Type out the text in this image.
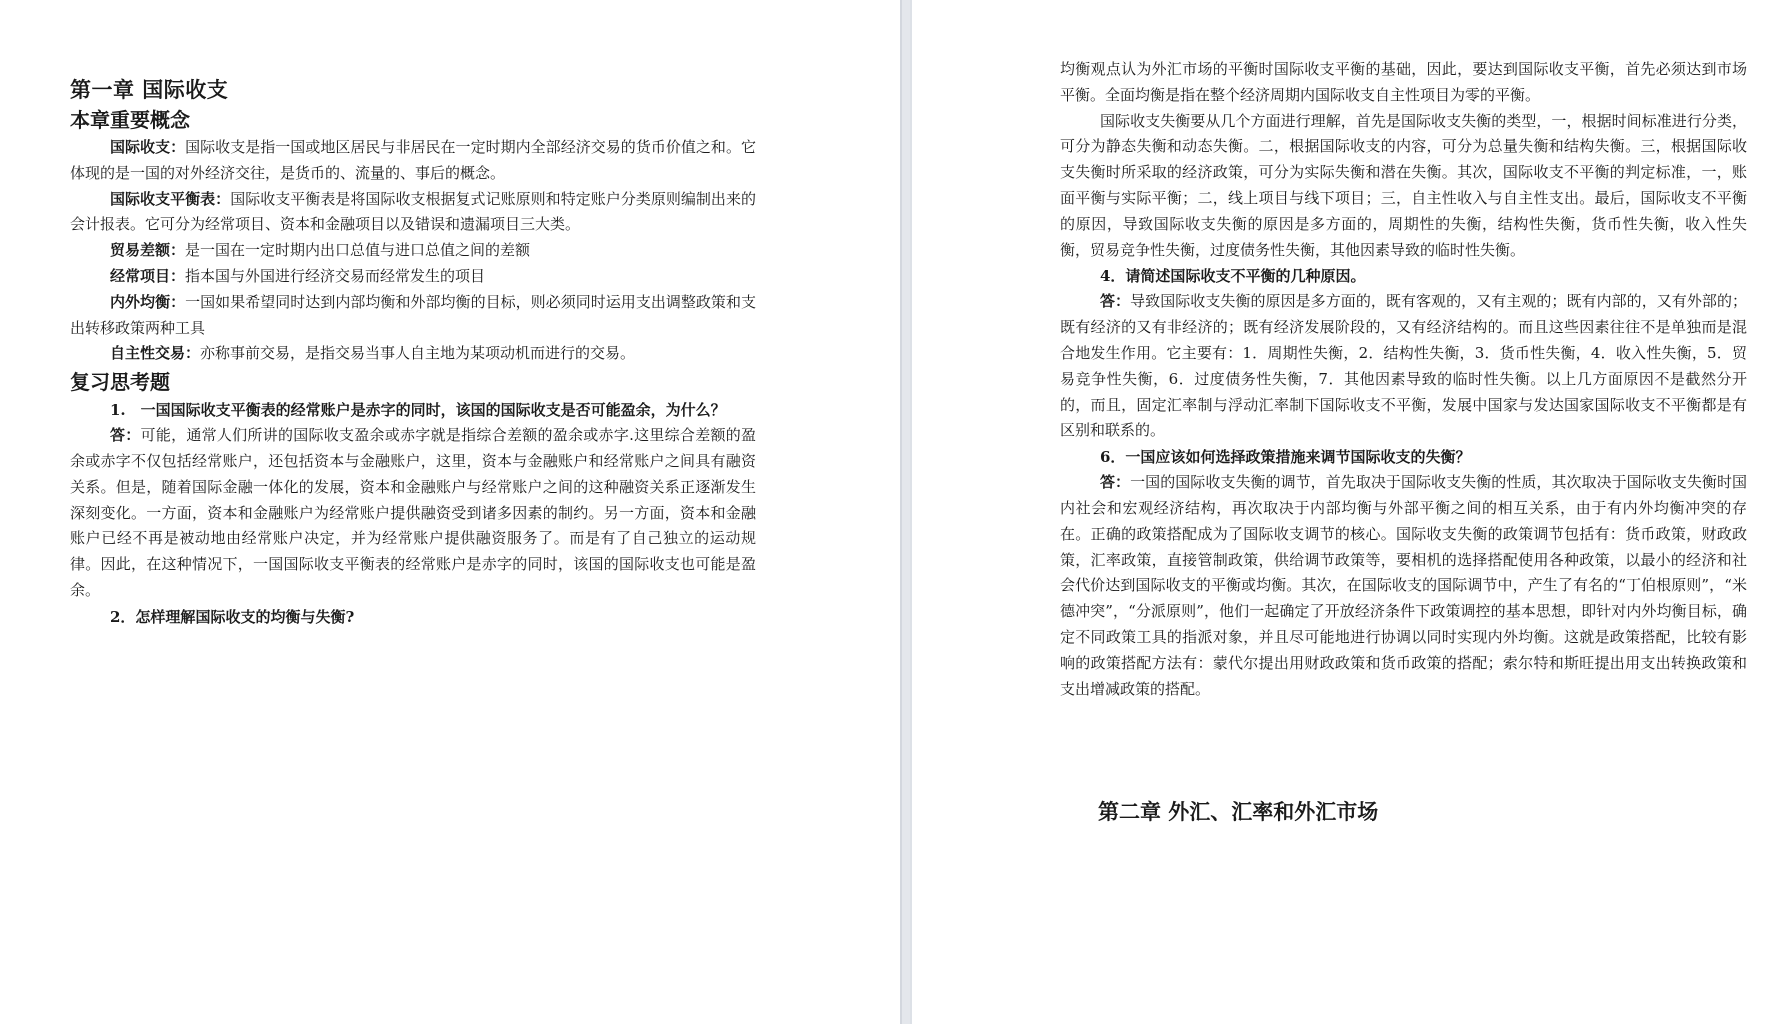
第一章 国际收支
本章重要概念

国际收支：国际收支是指一国或地区居民与非居民在一定时期内全部经济交易的货币价值之和。它体现的是一国的对外经济交往，是货币的、流量的、事后的概念。

国际收支平衡表：国际收支平衡表是将国际收支根据复式记账原则和特定账户分类原则编制出来的会计报表。它可分为经常项目、资本和金融项目以及错误和遗漏项目三大类。

贸易差额：是一国在一定时期内出口总值与进口总值之间的差额

经常项目：指本国与外国进行经济交易而经常发生的项目

内外均衡：一国如果希望同时达到内部均衡和外部均衡的目标，则必须同时运用支出调整政策和支出转移政策两种工具

自主性交易：亦称事前交易，是指交易当事人自主地为某项动机而进行的交易。

复习思考题

1.　一国国际收支平衡表的经常账户是赤字的同时，该国的国际收支是否可能盈余，为什么？

答：可能，通常人们所讲的国际收支盈余或赤字就是指综合差额的盈余或赤字.这里综合差额的盈余或赤字不仅包括经常账户，还包括资本与金融账户，这里，资本与金融账户和经常账户之间具有融资关系。但是，随着国际金融一体化的发展，资本和金融账户与经常账户之间的这种融资关系正逐渐发生深刻变化。一方面，资本和金融账户为经常账户提供融资受到诸多因素的制约。另一方面，资本和金融账户已经不再是被动地由经常账户决定，并为经常账户提供融资服务了。而是有了自己独立的运动规律。因此，在这种情况下，一国国际收支平衡表的经常账户是赤字的同时，该国的国际收支也可能是盈余。

2．怎样理解国际收支的均衡与失衡?

均衡观点认为外汇市场的平衡时国际收支平衡的基础，因此，要达到国际收支平衡，首先必须达到市场平衡。全面均衡是指在整个经济周期内国际收支自主性项目为零的平衡。

国际收支失衡要从几个方面进行理解，首先是国际收支失衡的类型，一，根据时间标准进行分类，可分为静态失衡和动态失衡。二，根据国际收支的内容，可分为总量失衡和结构失衡。三，根据国际收支失衡时所采取的经济政策，可分为实际失衡和潜在失衡。其次，国际收支不平衡的判定标准，一，账面平衡与实际平衡；二，线上项目与线下项目；三，自主性收入与自主性支出。最后，国际收支不平衡的原因，导致国际收支失衡的原因是多方面的，周期性的失衡，结构性失衡，货币性失衡，收入性失衡，贸易竞争性失衡，过度债务性失衡，其他因素导致的临时性失衡。

4．请简述国际收支不平衡的几种原因。

答：导致国际收支失衡的原因是多方面的，既有客观的，又有主观的；既有内部的，又有外部的；既有经济的又有非经济的；既有经济发展阶段的，又有经济结构的。而且这些因素往往不是单独而是混合地发生作用。它主要有：1．周期性失衡，2．结构性失衡，3．货币性失衡，4．收入性失衡，5．贸易竞争性失衡，6．过度债务性失衡，7．其他因素导致的临时性失衡。以上几方面原因不是截然分开的，而且，固定汇率制与浮动汇率制下国际收支不平衡，发展中国家与发达国家国际收支不平衡都是有区别和联系的。

6．一国应该如何选择政策措施来调节国际收支的失衡？

答：一国的国际收支失衡的调节，首先取决于国际收支失衡的性质，其次取决于国际收支失衡时国内社会和宏观经济结构，再次取决于内部均衡与外部平衡之间的相互关系，由于有内外均衡冲突的存在。正确的政策搭配成为了国际收支调节的核心。国际收支失衡的政策调节包括有：货币政策，财政政策，汇率政策，直接管制政策，供给调节政策等，要相机的选择搭配使用各种政策，以最小的经济和社会代价达到国际收支的平衡或均衡。其次，在国际收支的国际调节中，产生了有名的“丁伯根原则”，“米德冲突”，“分派原则”，他们一起确定了开放经济条件下政策调控的基本思想，即针对内外均衡目标，确定不同政策工具的指派对象，并且尽可能地进行协调以同时实现内外均衡。这就是政策搭配，比较有影响的政策搭配方法有：蒙代尔提出用财政政策和货币政策的搭配；索尔特和斯旺提出用支出转换政策和支出增减政策的搭配。

第二章 外汇、汇率和外汇市场
